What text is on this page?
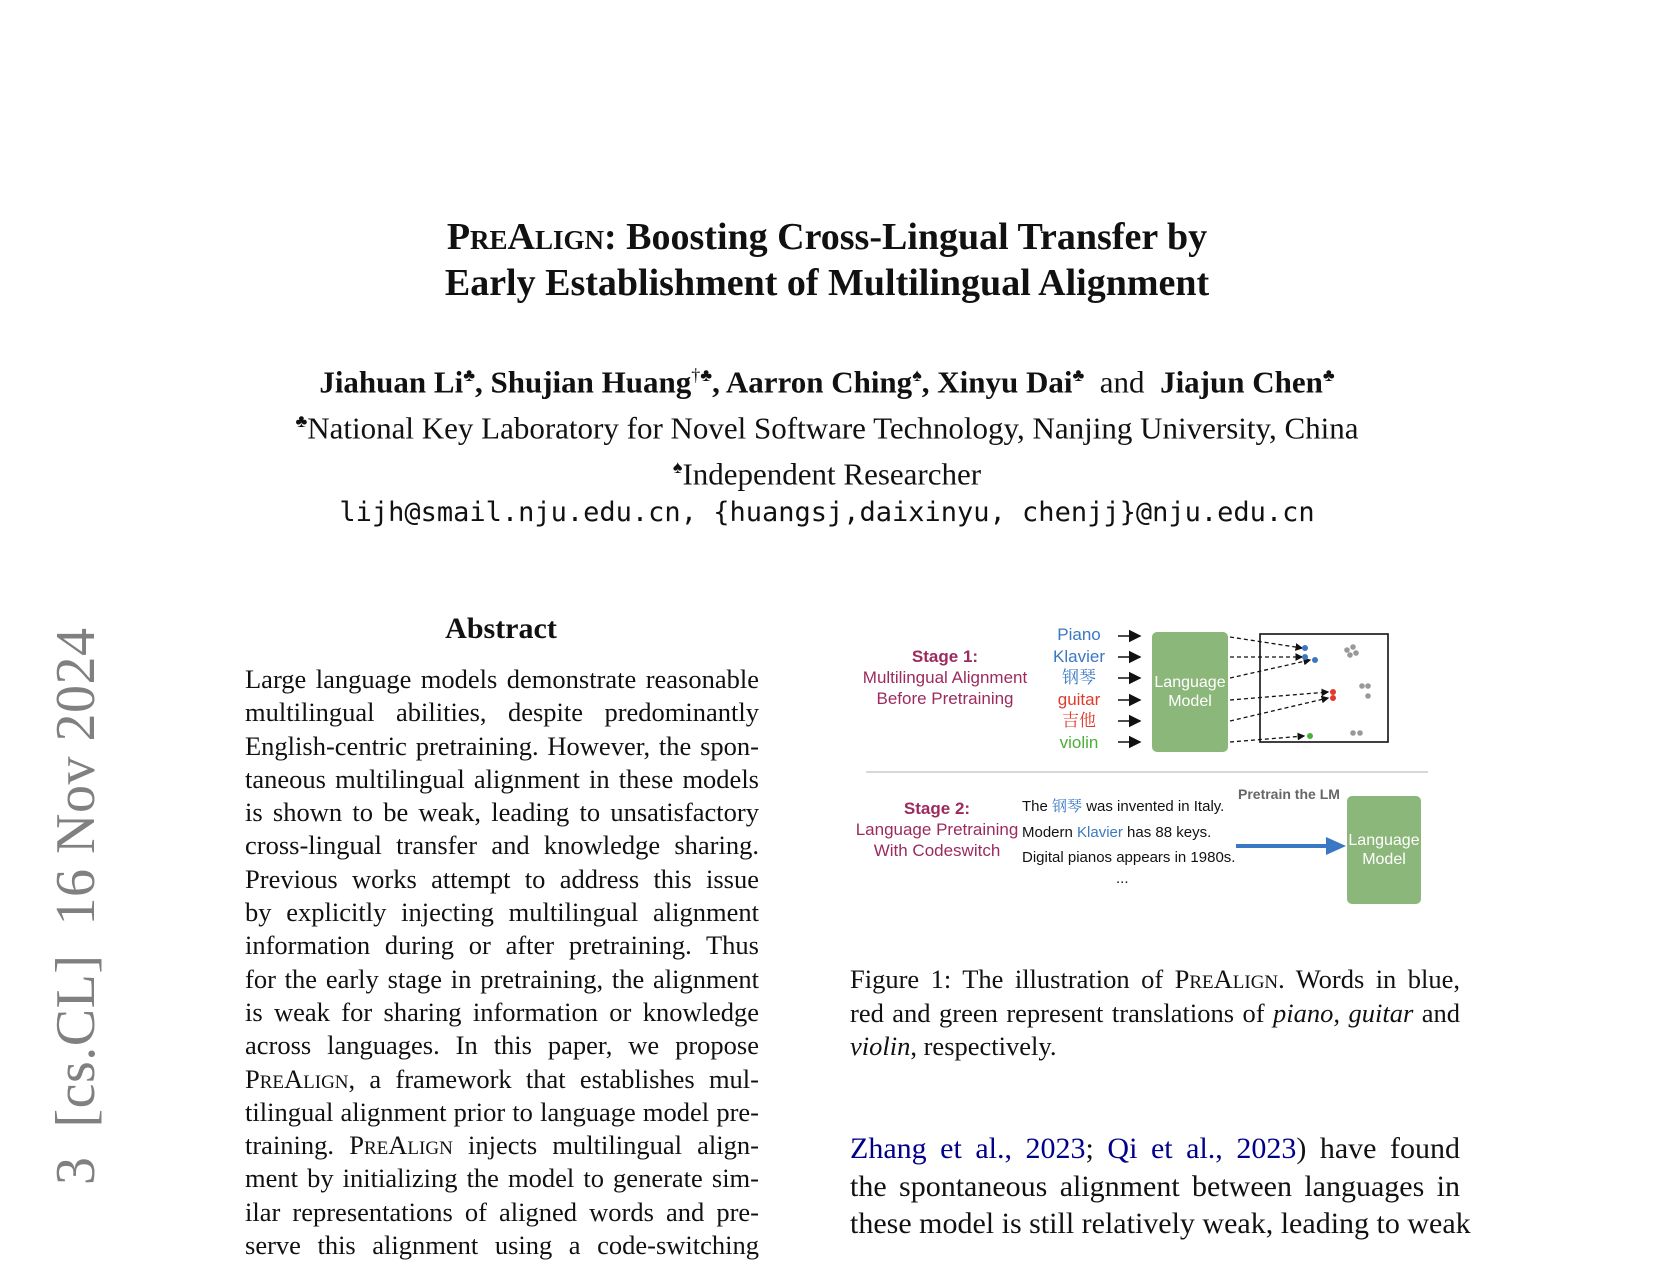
3  [cs.CL]  16 Nov 2024
PreAlign: Boosting Cross-Lingual Transfer by
Early Establishment of Multilingual Alignment
Jiahuan Li♣, Shujian Huang†♣, Aarron Ching♠, Xinyu Dai♣ and Jiajun Chen♣
♣National Key Laboratory for Novel Software Technology, Nanjing University, China
♠Independent Researcher
lijh@smail.nju.edu.cn, {huangsj,daixinyu, chenjj}@nju.edu.cn
Abstract
Large language models demonstrate reasonable
multilingual abilities, despite predominantly
English-centric pretraining. However, the spon-
taneous multilingual alignment in these models
is shown to be weak, leading to unsatisfactory
cross-lingual transfer and knowledge sharing.
Previous works attempt to address this issue
by explicitly injecting multilingual alignment
information during or after pretraining. Thus
for the early stage in pretraining, the alignment
is weak for sharing information or knowledge
across languages. In this paper, we propose
PreAlign, a framework that establishes mul-
tilingual alignment prior to language model pre-
training. PreAlign injects multilingual align-
ment by initializing the model to generate sim-
ilar representations of aligned words and pre-
serve this alignment using a code-switching
Stage 1:
Multilingual Alignment
Before Pretraining
Piano
Klavier
钢琴
guitar
吉他
violin
Language
Model
Stage 2:
Language Pretraining
With Codeswitch
The 钢琴 was invented in Italy.
Modern Klavier has 88 keys.
Digital pianos appears in 1980s.
...
Pretrain the LM
Language
Model
Figure 1: The illustration of PreAlign. Words in blue,
red and green represent translations of piano, guitar and
violin, respectively.
Zhang et al., 2023; Qi et al., 2023) have found
the spontaneous alignment between languages in
these model is still relatively weak, leading to weak
